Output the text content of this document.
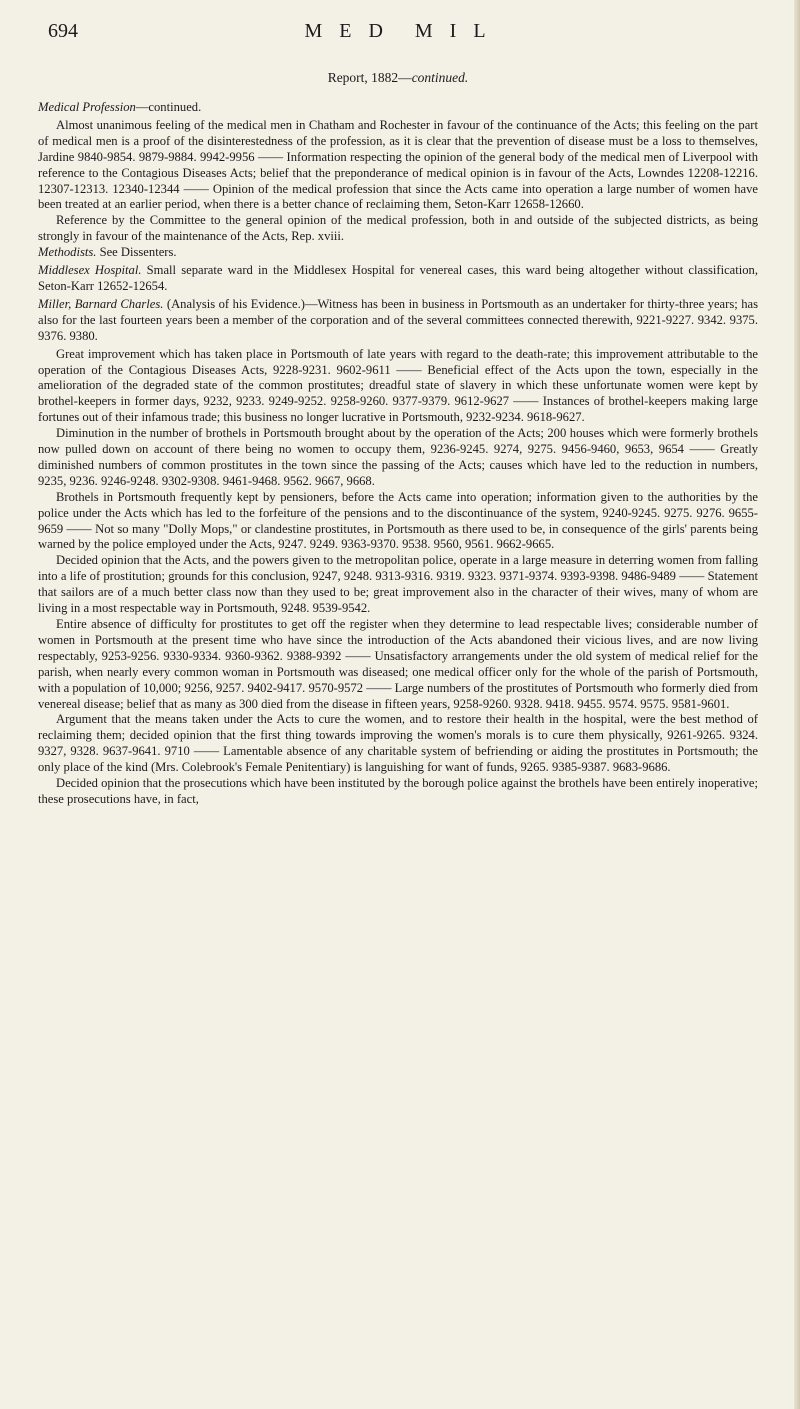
694	M E D M I L
Report, 1882—continued.

Medical Profession—continued.

Almost unanimous feeling of the medical men in Chatham and Rochester in favour of the continuance of the Acts; this feeling on the part of medical men is a proof of the disinterestedness of the profession, as it is clear that the prevention of disease must be a loss to themselves, Jardine 9840-9854. 9879-9884. 9942-9956 —— Information respecting the opinion of the general body of the medical men of Liverpool with reference to the Contagious Diseases Acts; belief that the preponderance of medical opinion is in favour of the Acts, Lowndes 12208-12216. 12307-12313. 12340-12344 —— Opinion of the medical profession that since the Acts came into operation a large number of women have been treated at an earlier period, when there is a better chance of reclaiming them, Seton-Karr 12658-12660.

Reference by the Committee to the general opinion of the medical profession, both in and outside of the subjected districts, as being strongly in favour of the maintenance of the Acts, Rep. xviii.

Methodists. See Dissenters.

Middlesex Hospital. Small separate ward in the Middlesex Hospital for venereal cases, this ward being altogether without classification, Seton-Karr 12652-12654.

Miller, Barnard Charles. (Analysis of his Evidence.)—Witness has been in business in Portsmouth as an undertaker for thirty-three years; has also for the last fourteen years been a member of the corporation and of the several committees connected therewith, 9221-9227. 9342. 9375. 9376. 9380.

Great improvement which has taken place in Portsmouth of late years with regard to the death-rate; this improvement attributable to the operation of the Contagious Diseases Acts, 9228-9231. 9602-9611 —— Beneficial effect of the Acts upon the town, especially in the amelioration of the degraded state of the common prostitutes; dreadful state of slavery in which these unfortunate women were kept by brothel-keepers in former days, 9232, 9233. 9249-9252. 9258-9260. 9377-9379. 9612-9627 —— Instances of brothel-keepers making large fortunes out of their infamous trade; this business no longer lucrative in Portsmouth, 9232-9234. 9618-9627.

Diminution in the number of brothels in Portsmouth brought about by the operation of the Acts; 200 houses which were formerly brothels now pulled down on account of there being no women to occupy them, 9236-9245. 9274, 9275. 9456-9460, 9653, 9654 —— Greatly diminished numbers of common prostitutes in the town since the passing of the Acts; causes which have led to the reduction in numbers, 9235, 9236. 9246-9248. 9302-9308. 9461-9468. 9562. 9667, 9668.

Brothels in Portsmouth frequently kept by pensioners, before the Acts came into operation; information given to the authorities by the police under the Acts which has led to the forfeiture of the pensions and to the discontinuance of the system, 9240-9245. 9275. 9276. 9655-9659 —— Not so many "Dolly Mops," or clandestine prostitutes, in Portsmouth as there used to be, in consequence of the girls' parents being warned by the police employed under the Acts, 9247. 9249. 9363-9370. 9538. 9560, 9561. 9662-9665.

Decided opinion that the Acts, and the powers given to the metropolitan police, operate in a large measure in deterring women from falling into a life of prostitution; grounds for this conclusion, 9247, 9248. 9313-9316. 9319. 9323. 9371-9374. 9393-9398. 9486-9489 —— Statement that sailors are of a much better class now than they used to be; great improvement also in the character of their wives, many of whom are living in a most respectable way in Portsmouth, 9248. 9539-9542.

Entire absence of difficulty for prostitutes to get off the register when they determine to lead respectable lives; considerable number of women in Portsmouth at the present time who have since the introduction of the Acts abandoned their vicious lives, and are now living respectably, 9253-9256. 9330-9334. 9360-9362. 9388-9392 —— Unsatisfactory arrangements under the old system of medical relief for the parish, when nearly every common woman in Portsmouth was diseased; one medical officer only for the whole of the parish of Portsmouth, with a population of 10,000; 9256, 9257. 9402-9417. 9570-9572 —— Large numbers of the prostitutes of Portsmouth who formerly died from venereal disease; belief that as many as 300 died from the disease in fifteen years, 9258-9260. 9328. 9418. 9455. 9574. 9575. 9581-9601.

Argument that the means taken under the Acts to cure the women, and to restore their health in the hospital, were the best method of reclaiming them; decided opinion that the first thing towards improving the women's morals is to cure them physically, 9261-9265. 9324. 9327, 9328. 9637-9641. 9710 —— Lamentable absence of any charitable system of befriending or aiding the prostitutes in Portsmouth; the only place of the kind (Mrs. Colebrook's Female Penitentiary) is languishing for want of funds, 9265. 9385-9387. 9683-9686.

Decided opinion that the prosecutions which have been instituted by the borough police against the brothels have been entirely inoperative; these prosecutions have, in fact,
